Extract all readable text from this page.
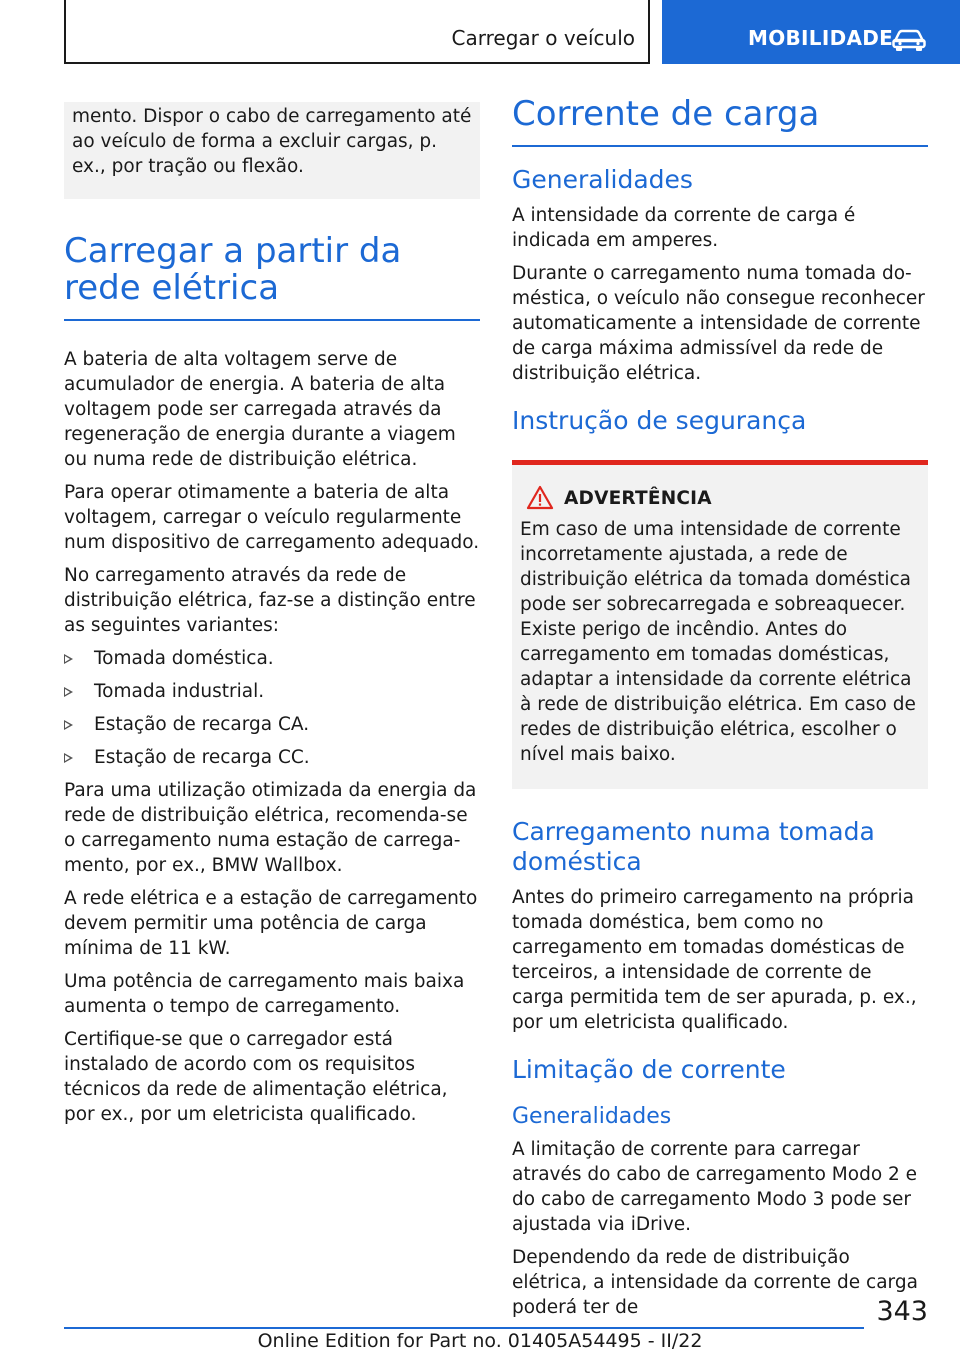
Carregar o veículo	MOBILIDADE

mento. Dispor o cabo de carregamento até ao veículo de forma a excluir cargas, p. ex., por tração ou flexão.

Carregar a partir da rede elétrica

A bateria de alta voltagem serve de acumulador de energia. A bateria de alta voltagem pode ser carregada através da regeneração de energia durante a viagem ou numa rede de distribuição elétrica.

Para operar otimamente a bateria de alta voltagem, carregar o veículo regularmente num dispositivo de carregamento adequado.

No carregamento através da rede de distribuição elétrica, faz-se a distinção entre as seguintes variantes:

Tomada doméstica.
Tomada industrial.
Estação de recarga CA.
Estação de recarga CC.

Para uma utilização otimizada da energia da rede de distribuição elétrica, recomenda-se o carregamento numa estação de carregamento, por ex., BMW Wallbox.

A rede elétrica e a estação de carregamento devem permitir uma potência de carga mínima de 11 kW.

Uma potência de carregamento mais baixa aumenta o tempo de carregamento.

Certifique-se que o carregador está instalado de acordo com os requisitos técnicos da rede de alimentação elétrica, por ex., por um eletricista qualificado.

Corrente de carga
Generalidades

A intensidade da corrente de carga é indicada em amperes.

Durante o carregamento numa tomada doméstica, o veículo não consegue reconhecer automaticamente a intensidade de corrente de carga máxima admissível da rede de distribuição elétrica.

Instrução de segurança
ADVERTÊNCIA

Em caso de uma intensidade de corrente incorretamente ajustada, a rede de distribuição elétrica da tomada doméstica pode ser sobrecarregada e sobreaquecer. Existe perigo de incêndio. Antes do carregamento em tomadas domésticas, adaptar a intensidade da corrente elétrica à rede de distribuição elétrica. Em caso de redes de distribuição elétrica, escolher o nível mais baixo.

Carregamento numa tomada doméstica

Antes do primeiro carregamento na própria tomada doméstica, bem como no carregamento em tomadas domésticas de terceiros, a intensidade de corrente de carga permitida tem de ser apurada, p. ex., por um eletricista qualificado.

Limitação de corrente
Generalidades

A limitação de corrente para carregar através do cabo de carregamento Modo 2 e do cabo de carregamento Modo 3 pode ser ajustada via iDrive.

Dependendo da rede de distribuição elétrica, a intensidade da corrente de carga poderá ter de	343
Online Edition for Part no. 01405A54495 - II/22
